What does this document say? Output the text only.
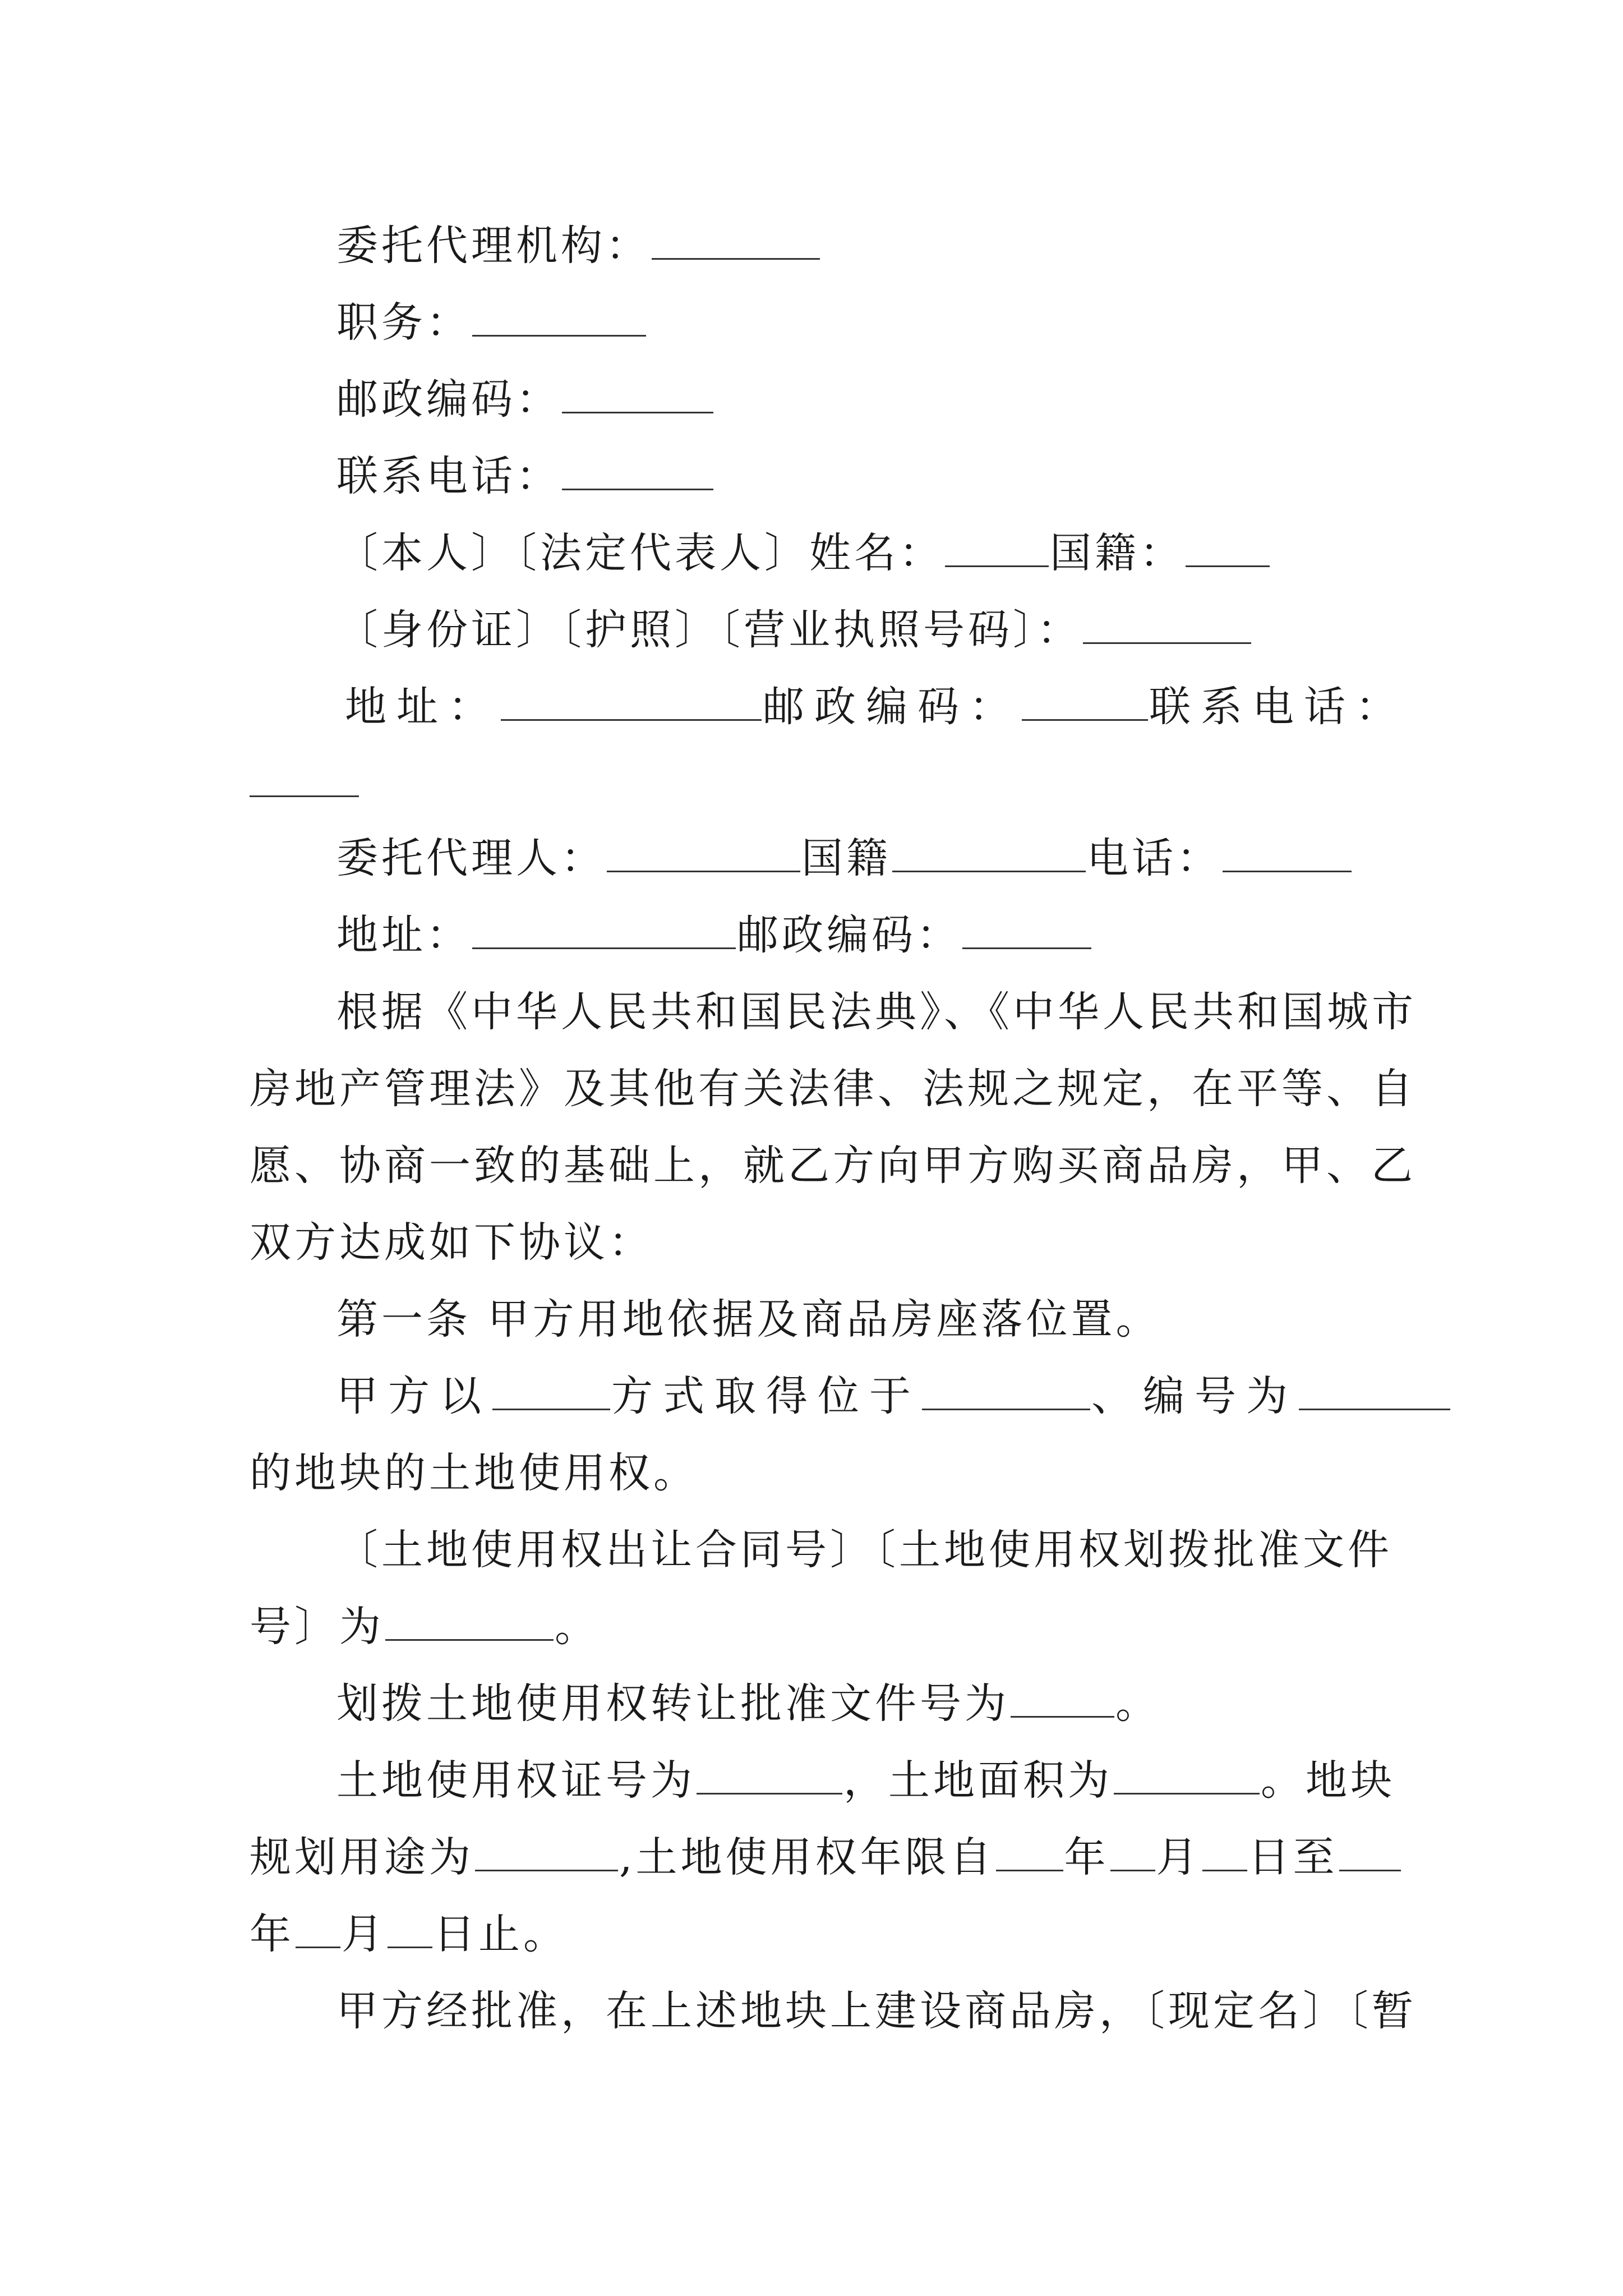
委托代理机构：
职务：
邮政编码：
联系电话：
〔本人〕〔法定代表人〕姓名：	国籍：
〔身份证〕〔护照〕〔营业执照号码〕：
地址：	邮政编码：	联系电话：
委托代理人：	国籍	电话：
地址：	邮政编码：
根据《中华人民共和国民法典》、《中华人民共和国城市
房地产管理法》及其他有关法律、法规之规定，在平等、自
愿、协商一致的基础上，就乙方向甲方购买商品房，甲、乙
双方达成如下协议：
第一条 甲方用地依据及商品房座落位置。
甲方以	方式取得位于	、编号为
的地块的土地使用权。
〔土地使用权出让合同号〕〔土地使用权划拨批准文件
号〕为	。
划拨土地使用权转让批准文件号为	。
土地使用权证号为	，土地面积为	。地块
规划用途为	,土地使用权年限自 年 月 日至
年 月 日止。
甲方经批准，在上述地块上建设商品房，〔现定名〕〔暂
